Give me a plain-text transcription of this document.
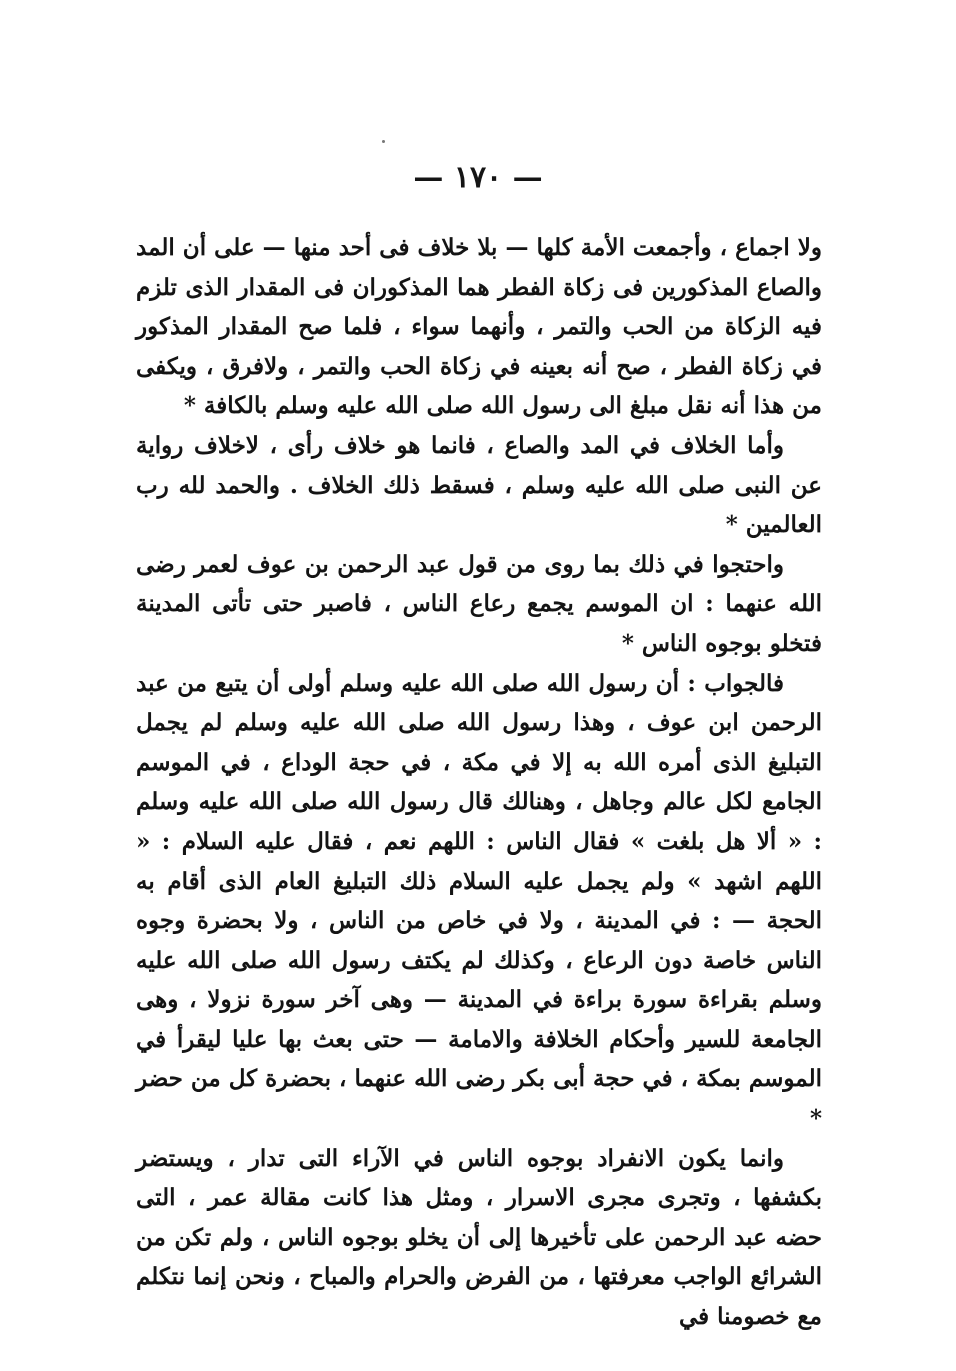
— ١٧٠ —

ولا اجماع ، وأجمعت الأمة كلها — بلا خلاف فى أحد منها — على أن المد والصاع المذكورين فى زكاة الفطر هما المذكوران فى المقدار الذى تلزم فيه الزكاة من الحب والتمر ، وأنهما سواء ، فلما صح المقدار المذكور في زكاة الفطر ، صح أنه بعينه في زكاة الحب والتمر ، ولافرق ، ويكفى من هذا أنه نقل مبلغ الى رسول الله صلى الله عليه وسلم بالكافة *

وأما الخلاف في المد والصاع ، فانما هو خلاف رأى ، لاخلاف رواية عن النبى صلى الله عليه وسلم ، فسقط ذلك الخلاف . والحمد لله رب العالمين *

واحتجوا في ذلك بما روى من قول عبد الرحمن بن عوف لعمر رضى الله عنهما : ان الموسم يجمع رعاع الناس ، فاصبر حتى تأتى المدينة فتخلو بوجوه الناس *

فالجواب : أن رسول الله صلى الله عليه وسلم أولى أن يتبع من عبد الرحمن ابن عوف ، وهذا رسول الله صلى الله عليه وسلم لم يجمل التبليغ الذى أمره الله به إلا في مكة ، في حجة الوداع ، في الموسم الجامع لكل عالم وجاهل ، وهنالك قال رسول الله صلى الله عليه وسلم : « ألا هل بلغت » فقال الناس : اللهم نعم ، فقال عليه السلام : « اللهم اشهد » ولم يجمل عليه السلام ذلك التبليغ العام الذى أقام به الحجة — : في المدينة ، ولا في خاص من الناس ، ولا بحضرة وجوه الناس خاصة دون الرعاع ، وكذلك لم يكتف رسول الله صلى الله عليه وسلم بقراءة سورة براءة في المدينة — وهى آخر سورة نزولا ، وهى الجامعة للسير وأحكام الخلافة والامامة — حتى بعث بها عليا ليقرأ في الموسم بمكة ، في حجة أبى بكر رضى الله عنهما ، بحضرة كل من حضر *

وانما يكون الانفراد بوجوه الناس في الآراء التى تدار ، ويستضر بكشفها ، وتجرى مجرى الاسرار ، ومثل هذا كانت مقالة عمر ، التى حضه عبد الرحمن على تأخيرها إلى أن يخلو بوجوه الناس ، ولم تكن من الشرائع الواجب معرفتها ، من الفرض والحرام والمباح ، ونحن إنما نتكلم مع خصومنا في
